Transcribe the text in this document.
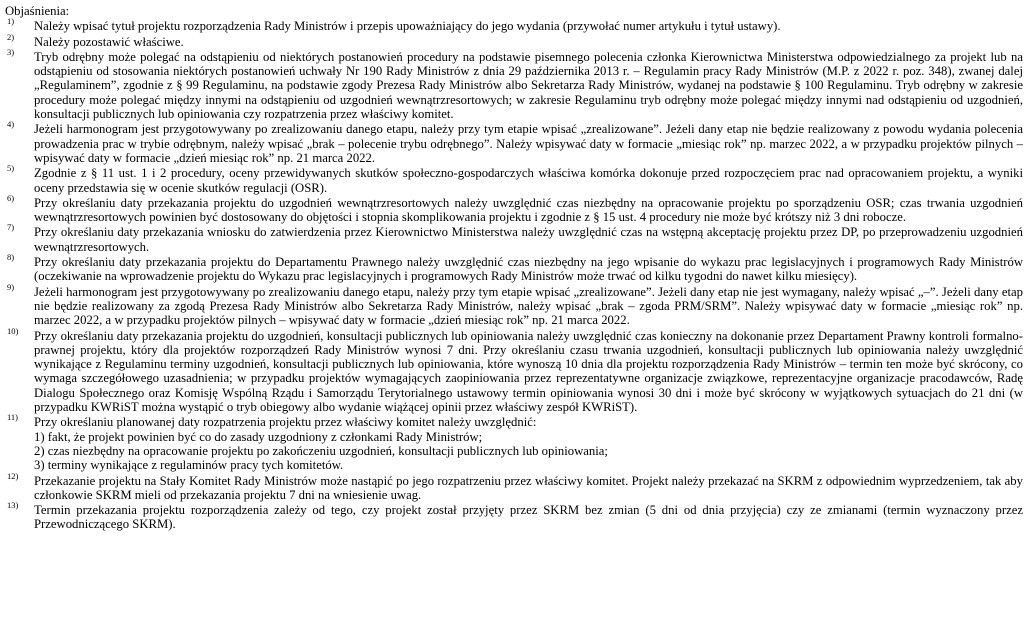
Objaśnienia:
1) Należy wpisać tytuł projektu rozporządzenia Rady Ministrów i przepis upoważniający do jego wydania (przywołać numer artykułu i tytuł ustawy).
2) Należy pozostawić właściwe.
3) Tryb odrębny może polegać na odstąpieniu od niektórych postanowień procedury na podstawie pisemnego polecenia członka Kierownictwa Ministerstwa odpowiedzialnego za projekt lub na odstąpieniu od stosowania niektórych postanowień uchwały Nr 190 Rady Ministrów z dnia 29 października 2013 r. – Regulamin pracy Rady Ministrów (M.P. z 2022 r. poz. 348), zwanej dalej „Regulaminem”, zgodnie z § 99 Regulaminu, na podstawie zgody Prezesa Rady Ministrów albo Sekretarza Rady Ministrów, wydanej na podstawie § 100 Regulaminu. Tryb odrębny w zakresie procedury może polegać między innymi na odstąpieniu od uzgodnień wewnątrzresortowych; w zakresie Regulaminu tryb odrębny może polegać między innymi nad odstąpieniu od uzgodnień, konsultacji publicznych lub opiniowania czy rozpatrzenia przez właściwy komitet.
4) Jeżeli harmonogram jest przygotowywany po zrealizowaniu danego etapu, należy przy tym etapie wpisać „zrealizowane”. Jeżeli dany etap nie będzie realizowany z powodu wydania polecenia prowadzenia prac w trybie odrębnym, należy wpisać „brak – polecenie trybu odrębnego”. Należy wpisywać daty w formacie „miesiąc rok” np. marzec 2022, a w przypadku projektów pilnych – wpisywać daty w formacie „dzień miesiąc rok” np. 21 marca 2022.
5) Zgodnie z § 11 ust. 1 i 2 procedury, oceny przewidywanych skutków społeczno-gospodarczych właściwa komórka dokonuje przed rozpoczęciem prac nad opracowaniem projektu, a wyniki oceny przedstawia się w ocenie skutków regulacji (OSR).
6) Przy określaniu daty przekazania projektu do uzgodnień wewnątrzresortowych należy uwzględnić czas niezbędny na opracowanie projektu po sporządzeniu OSR; czas trwania uzgodnień wewnątrzresortowych powinien być dostosowany do objętości i stopnia skomplikowania projektu i zgodnie z § 15 ust. 4 procedury nie może być krótszy niż 3 dni robocze.
7) Przy określaniu daty przekazania wniosku do zatwierdzenia przez Kierownictwo Ministerstwa należy uwzględnić czas na wstępną akceptację projektu przez DP, po przeprowadzeniu uzgodnień wewnątrzresortowych.
8) Przy określaniu daty przekazania projektu do Departamentu Prawnego należy uwzględnić czas niezbędny na jego wpisanie do wykazu prac legislacyjnych i programowych Rady Ministrów (oczekiwanie na wprowadzenie projektu do Wykazu prac legislacyjnych i programowych Rady Ministrów może trwać od kilku tygodni do nawet kilku miesięcy).
9) Jeżeli harmonogram jest przygotowywany po zrealizowaniu danego etapu, należy przy tym etapie wpisać „zrealizowane”. Jeżeli dany etap nie jest wymagany, należy wpisać „–”. Jeżeli dany etap nie będzie realizowany za zgodą Prezesa Rady Ministrów albo Sekretarza Rady Ministrów, należy wpisać „brak – zgoda PRM/SRM”. Należy wpisywać daty w formacie „miesiąc rok” np. marzec 2022, a w przypadku projektów pilnych – wpisywać daty w formacie „dzień miesiąc rok” np. 21 marca 2022.
10) Przy określaniu daty przekazania projektu do uzgodnień, konsultacji publicznych lub opiniowania należy uwzględnić czas konieczny na dokonanie przez Departament Prawny kontroli formalno-prawnej projektu, który dla projektów rozporządzeń Rady Ministrów wynosi 7 dni. Przy określaniu czasu trwania uzgodnień, konsultacji publicznych lub opiniowania należy uwzględnić wynikające z Regulaminu terminy uzgodnień, konsultacji publicznych lub opiniowania, które wynoszą 10 dnia dla projektu rozporządzenia Rady Ministrów – termin ten może być skrócony, co wymaga szczegółowego uzasadnienia; w przypadku projektów wymagających zaopiniowania przez reprezentatywne organizacje związkowe, reprezentacyjne organizacje pracodawców, Radę Dialogu Społecznego oraz Komisję Wspólną Rządu i Samorządu Terytorialnego ustawowy termin opiniowania wynosi 30 dni i może być skrócony w wyjątkowych sytuacjach do 21 dni (w przypadku KWRiST można wystąpić o tryb obiegowy albo wydanie wiążącej opinii przez właściwy zespół KWRiST).
11) Przy określaniu planowanej daty rozpatrzenia projektu przez właściwy komitet należy uwzględnić:
1) fakt, że projekt powinien być co do zasady uzgodniony z członkami Rady Ministrów;
2) czas niezbędny na opracowanie projektu po zakończeniu uzgodnień, konsultacji publicznych lub opiniowania;
3) terminy wynikające z regulaminów pracy tych komitetów.
12) Przekazanie projektu na Stały Komitet Rady Ministrów może nastąpić po jego rozpatrzeniu przez właściwy komitet. Projekt należy przekazać na SKRM z odpowiednim wyprzedzeniem, tak aby członkowie SKRM mieli od przekazania projektu 7 dni na wniesienie uwag.
13) Termin przekazania projektu rozporządzenia zależy od tego, czy projekt został przyjęty przez SKRM bez zmian (5 dni od dnia przyjęcia) czy ze zmianami (termin wyznaczony przez Przewodniczącego SKRM).
